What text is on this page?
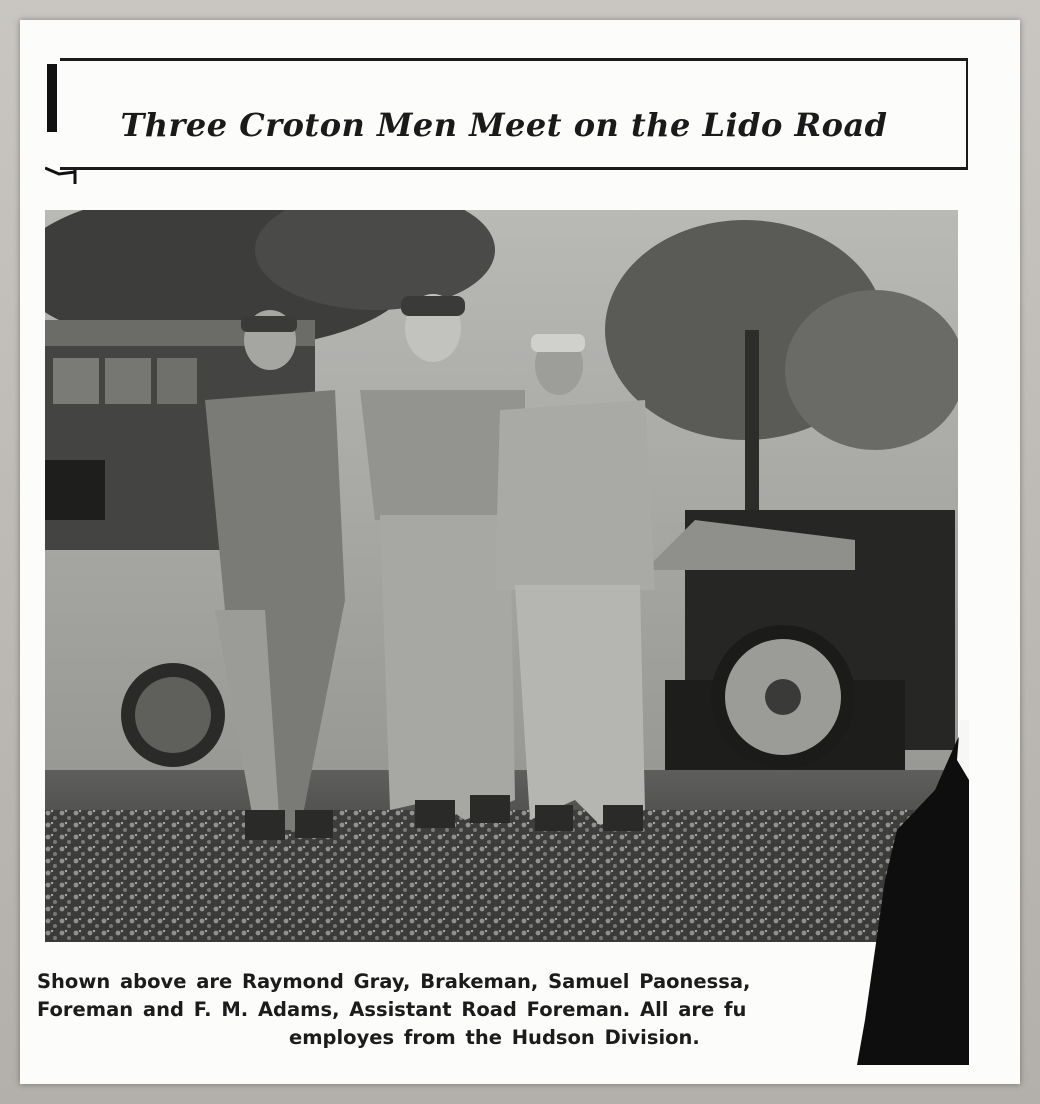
Three Croton Men Meet on the Lido Road
Shown above are Raymond Gray, Brakeman, Samuel Paonessa,
Foreman and F. M. Adams, Assistant Road Foreman. All are fu
employes from the Hudson Division.
